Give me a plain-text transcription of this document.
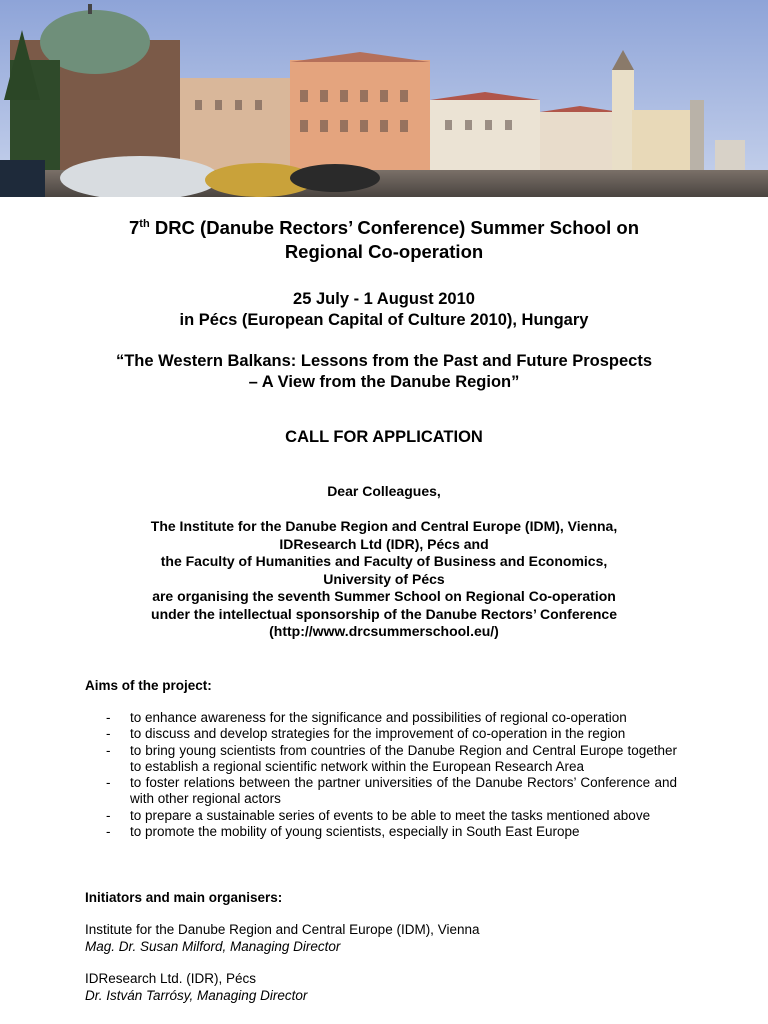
7th DRC (Danube Rectors’ Conference) Summer School on
Regional Co-operation
25 July - 1 August 2010
in Pécs (European Capital of Culture 2010), Hungary
“The Western Balkans: Lessons from the Past and Future Prospects
– A View from the Danube Region”
CALL FOR APPLICATION
Dear Colleagues,
The Institute for the Danube Region and Central Europe (IDM), Vienna,
IDResearch Ltd (IDR), Pécs and
the Faculty of Humanities and Faculty of Business and Economics,
University of Pécs
are organising the seventh Summer School on Regional Co-operation
under the intellectual sponsorship of the Danube Rectors’ Conference
(http://www.drcsummerschool.eu/)
Aims of the project:
- to enhance awareness for the significance and possibilities of regional co-operation
- to discuss and develop strategies for the improvement of co-operation in the region
- to bring young scientists from countries of the Danube Region and Central Europe together to establish a regional scientific network within the European Research Area
- to foster relations between the partner universities of the Danube Rectors’ Conference and with other regional actors
- to prepare a sustainable series of events to be able to meet the tasks mentioned above
- to promote the mobility of young scientists, especially in South East Europe
Initiators and main organisers:
Institute for the Danube Region and Central Europe (IDM), Vienna
Mag. Dr. Susan Milford, Managing Director
IDResearch Ltd. (IDR), Pécs
Dr. István Tarrósy, Managing Director
